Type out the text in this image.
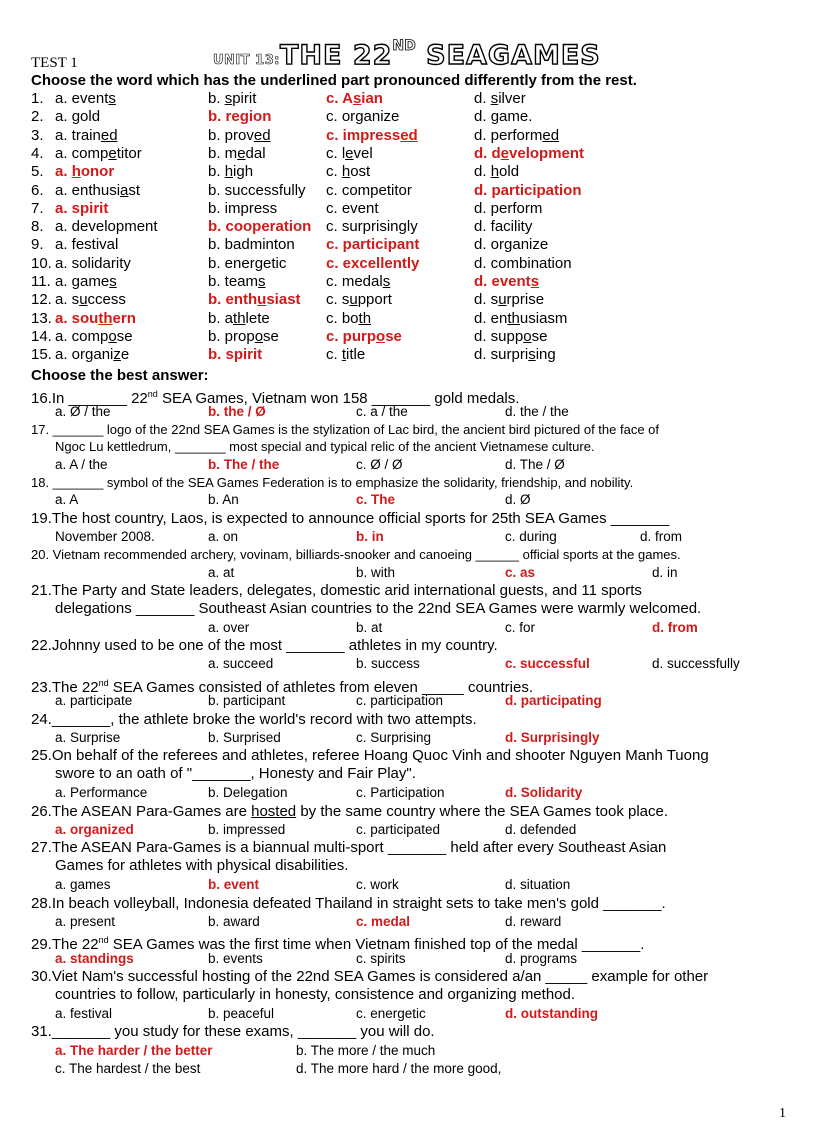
TEST 1	UNIT 13:THE 22ND SEAGAMES
Choose the word which has the underlined part pronounced differently from the rest.
1. a. events	b. spirit	c. Asian	d. silver
2. a. gold	b. region	c. organize	d. game.
3. a. trained	b. proved	c. impressed	d. performed
4. a. competitor	b. medal	c. level	d. development
5. a. honor	b. high	c. host	d. hold
6. a. enthusiast	b. successfully c. competitor	d. participation
7. a. spirit	b. impress	c. event	d. perform
8. a. development	b. cooperation c. surprisingly	d. facility
9. a. festival	b. badminton c. participant	d. organize
10. a. solidarity	b. energetic	c. excellently	d. combination
11. a. games	b. teams	c. medals	d. events
12. a. success	b. enthusiast c. support	d. surprise
13. a. southern	b. athlete	c. both	d. enthusiasm
14. a. compose	b. propose	c. purpose	d. suppose
15. a. organize	b. spirit	c. title	d. surprising
Choose the best answer:
16.In _______ 22nd SEA Games, Vietnam won 158 _______ gold medals.
a. Ø / the	b. the / Ø	c. a / the	d. the / the
17. _______ logo of the 22nd SEA Games is the stylization of Lac bird, the ancient bird pictured of the face of
Ngoc Lu kettledrum, _______ most special and typical relic of the ancient Vietnamese culture.
a. A / the	b. The / the	c. Ø / Ø	d. The / Ø
18. _______ symbol of the SEA Games Federation is to emphasize the solidarity, friendship, and nobility.
a. A	b. An	c. The	d. Ø
19.The host country, Laos, is expected to announce official sports for 25th SEA Games _______
November 2008.	a. on	b. in	c. during	d. from
20. Vietnam recommended archery, vovinam, billiards-snooker and canoeing ______ official sports at the games.
a. at	b. with	c. as	d. in
21.The Party and State leaders, delegates, domestic arid international guests, and 11 sports
delegations _______ Southeast Asian countries to the 22nd SEA Games were warmly welcomed.
a. over	b. at	c. for	d. from
22.Johnny used to be one of the most _______ athletes in my country.
a. succeed	b. success	c. successful	d. successfully
23.The 22nd SEA Games consisted of athletes from eleven _____ countries.
a. participate	b. participant	c. participation	d. participating
24._______, the athlete broke the world's record with two attempts.
a. Surprise	b. Surprised	c. Surprising	d. Surprisingly
25.On behalf of the referees and athletes, referee Hoang Quoc Vinh and shooter Nguyen Manh Tuong
swore to an oath of "_______, Honesty and Fair Play".
a. Performance	b. Delegation	c. Participation	d. Solidarity
26.The ASEAN Para-Games are hosted by the same country where the SEA Games took place.
a. organized	b. impressed	c. participated	d. defended
27.The ASEAN Para-Games is a biannual multi-sport _______ held after every Southeast Asian
Games for athletes with physical disabilities.
a. games	b. event	c. work	d. situation
28.In beach volleyball, Indonesia defeated Thailand in straight sets to take men's gold _______.
a. present	b. award	c. medal	d. reward
29.The 22nd SEA Games was the first time when Vietnam finished top of the medal _______.
a. standings	b. events	c. spirits	d. programs
30.Viet Nam's successful hosting of the 22nd SEA Games is considered a/an _____ example for other
countries to follow, particularly in honesty, consistence and organizing method.
a. festival	b. peaceful	c. energetic	d. outstanding
31._______ you study for these exams, _______ you will do.
a. The harder / the better	b. The more / the much
c. The hardest / the best	d. The more hard / the more good,
1
